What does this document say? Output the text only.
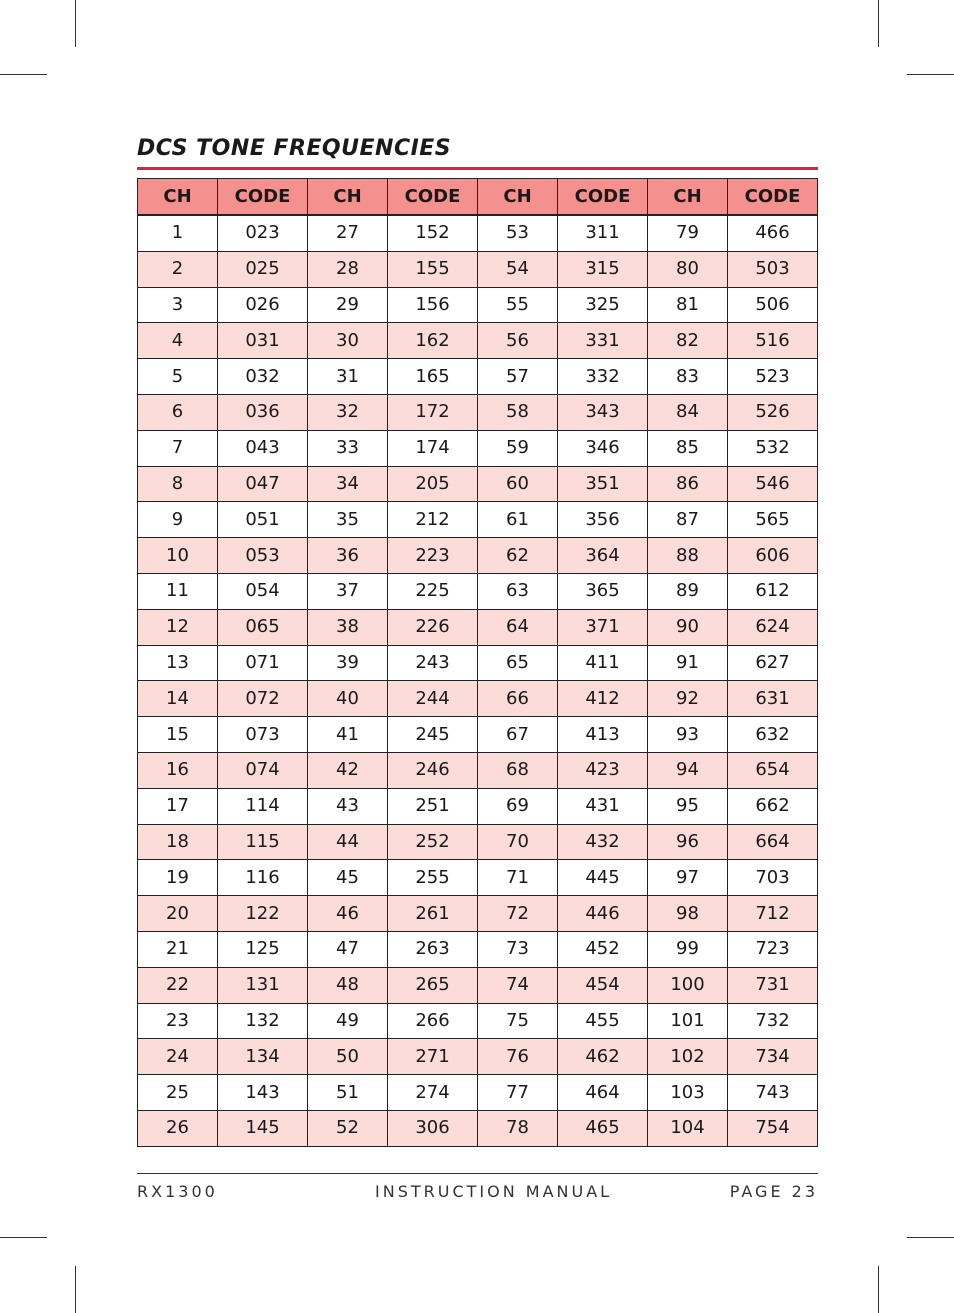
DCS TONE FREQUENCIES
CH	CODE	CH	CODE	CH	CODE	CH	CODE
1	023	27	152	53	311	79	466
2	025	28	155	54	315	80	503
3	026	29	156	55	325	81	506
4	031	30	162	56	331	82	516
5	032	31	165	57	332	83	523
6	036	32	172	58	343	84	526
7	043	33	174	59	346	85	532
8	047	34	205	60	351	86	546
9	051	35	212	61	356	87	565
10	053	36	223	62	364	88	606
11	054	37	225	63	365	89	612
12	065	38	226	64	371	90	624
13	071	39	243	65	411	91	627
14	072	40	244	66	412	92	631
15	073	41	245	67	413	93	632
16	074	42	246	68	423	94	654
17	114	43	251	69	431	95	662
18	115	44	252	70	432	96	664
19	116	45	255	71	445	97	703
20	122	46	261	72	446	98	712
21	125	47	263	73	452	99	723
22	131	48	265	74	454	100	731
23	132	49	266	75	455	101	732
24	134	50	271	76	462	102	734
25	143	51	274	77	464	103	743
26	145	52	306	78	465	104	754
RX1300	INSTRUCTION MANUAL	PAGE 23
